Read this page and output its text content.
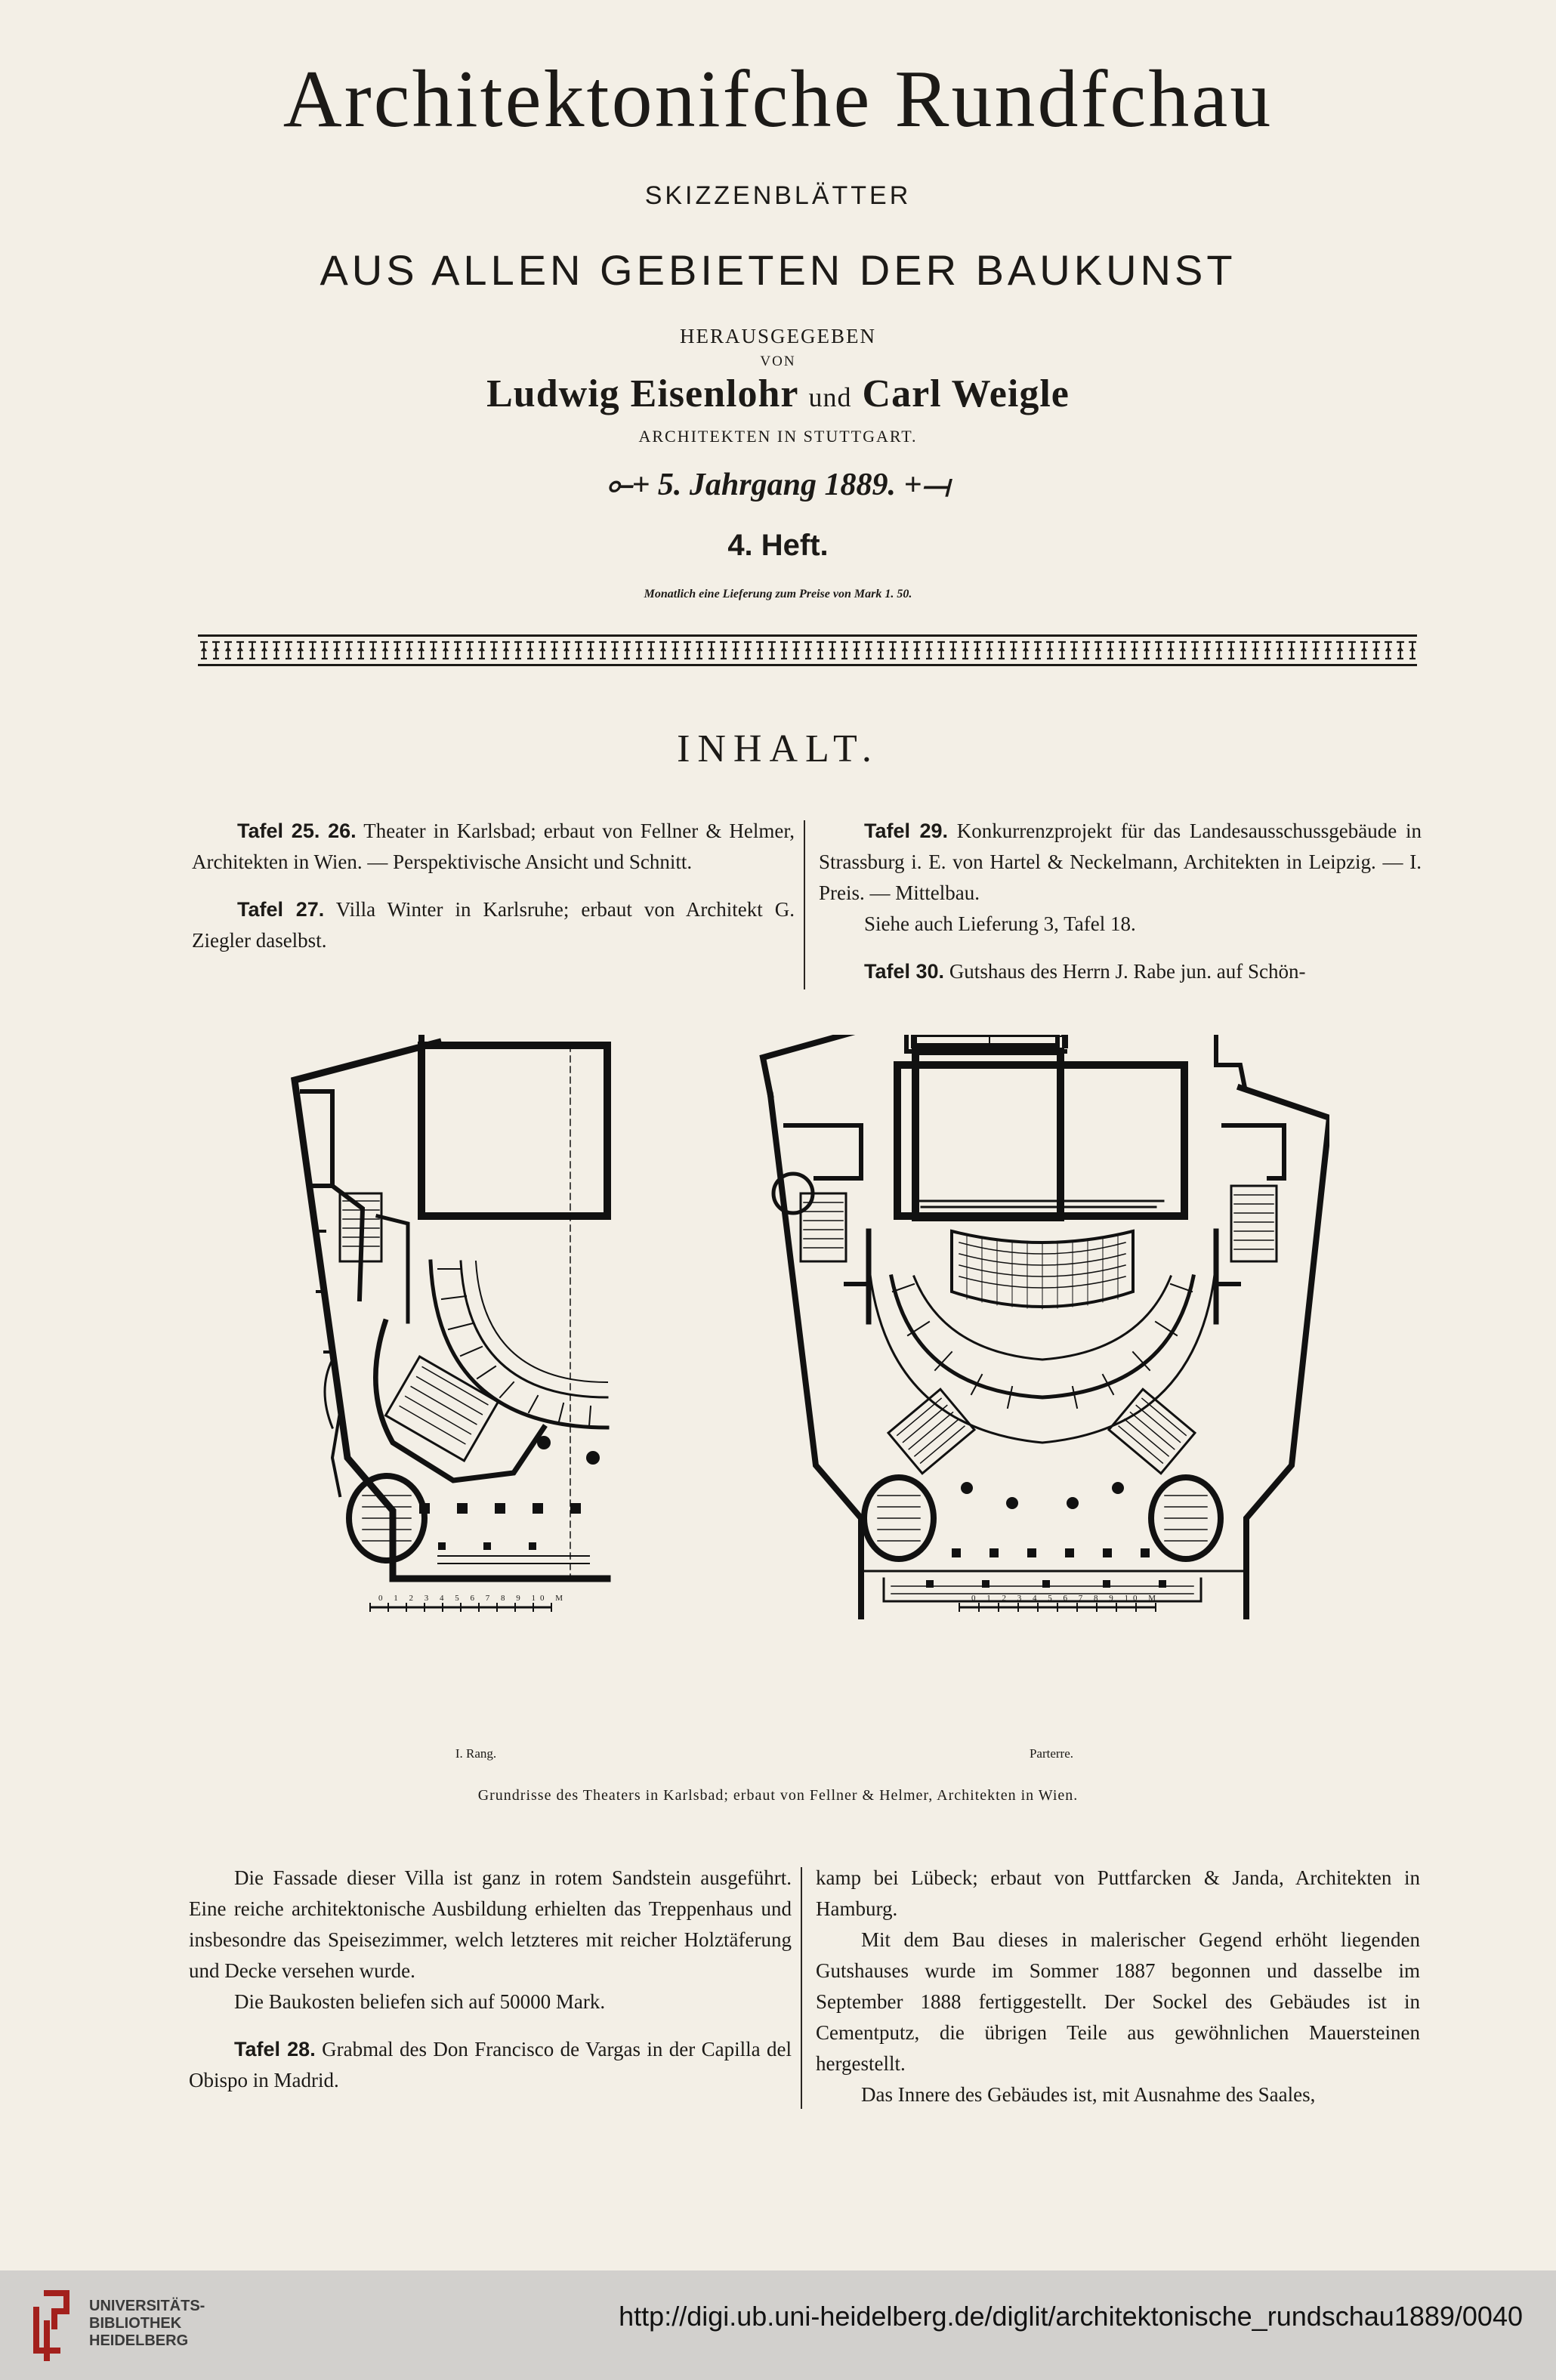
Architektonifche Rundfchau
SKIZZENBLÄTTER
AUS ALLEN GEBIETEN DER BAUKUNST
HERAUSGEGEBEN
VON
Ludwig Eisenlohr und Carl Weigle
ARCHITEKTEN IN STUTTGART.
⟜+ 5. Jahrgang 1889. +⟞
4. Heft.
Monatlich eine Lieferung zum Preise von Mark 1. 50.
INHALT.

Tafel 25. 26. Theater in Karlsbad; erbaut von Fellner & Helmer, Architekten in Wien. — Perspektivische Ansicht und Schnitt.

Tafel 27. Villa Winter in Karlsruhe; erbaut von Architekt G. Ziegler daselbst.

Tafel 29. Konkurrenzprojekt für das Landesausschussgebäude in Strassburg i. E. von Hartel & Neckelmann, Architekten in Leipzig. — I. Preis. — Mittelbau.

Siehe auch Lieferung 3, Tafel 18.

Tafel 30. Gutshaus des Herrn J. Rabe jun. auf Schön-

0 1 2 3 4 5 6 7 8 9 10 M	0 1 2 3 4 5 6 7 8 9 10 M
I. Rang.	Parterre.
Grundrisse des Theaters in Karlsbad; erbaut von Fellner & Helmer, Architekten in Wien.

Die Fassade dieser Villa ist ganz in rotem Sandstein ausgeführt. Eine reiche architektonische Ausbildung erhielten das Treppenhaus und insbesondre das Speisezimmer, welch letzteres mit reicher Holztäferung und Decke versehen wurde.

Die Baukosten beliefen sich auf 50000 Mark.

Tafel 28. Grabmal des Don Francisco de Vargas in der Capilla del Obispo in Madrid.

kamp bei Lübeck; erbaut von Puttfarcken & Janda, Architekten in Hamburg.

Mit dem Bau dieses in malerischer Gegend erhöht liegenden Gutshauses wurde im Sommer 1887 begonnen und dasselbe im September 1888 fertiggestellt. Der Sockel des Gebäudes ist in Cementputz, die übrigen Teile aus gewöhnlichen Mauersteinen hergestellt.

Das Innere des Gebäudes ist, mit Ausnahme des Saales,

UNIVERSITÄTS-
BIBLIOTHEK
HEIDELBERG
http://digi.ub.uni-heidelberg.de/diglit/architektonische_rundschau1889/0040
